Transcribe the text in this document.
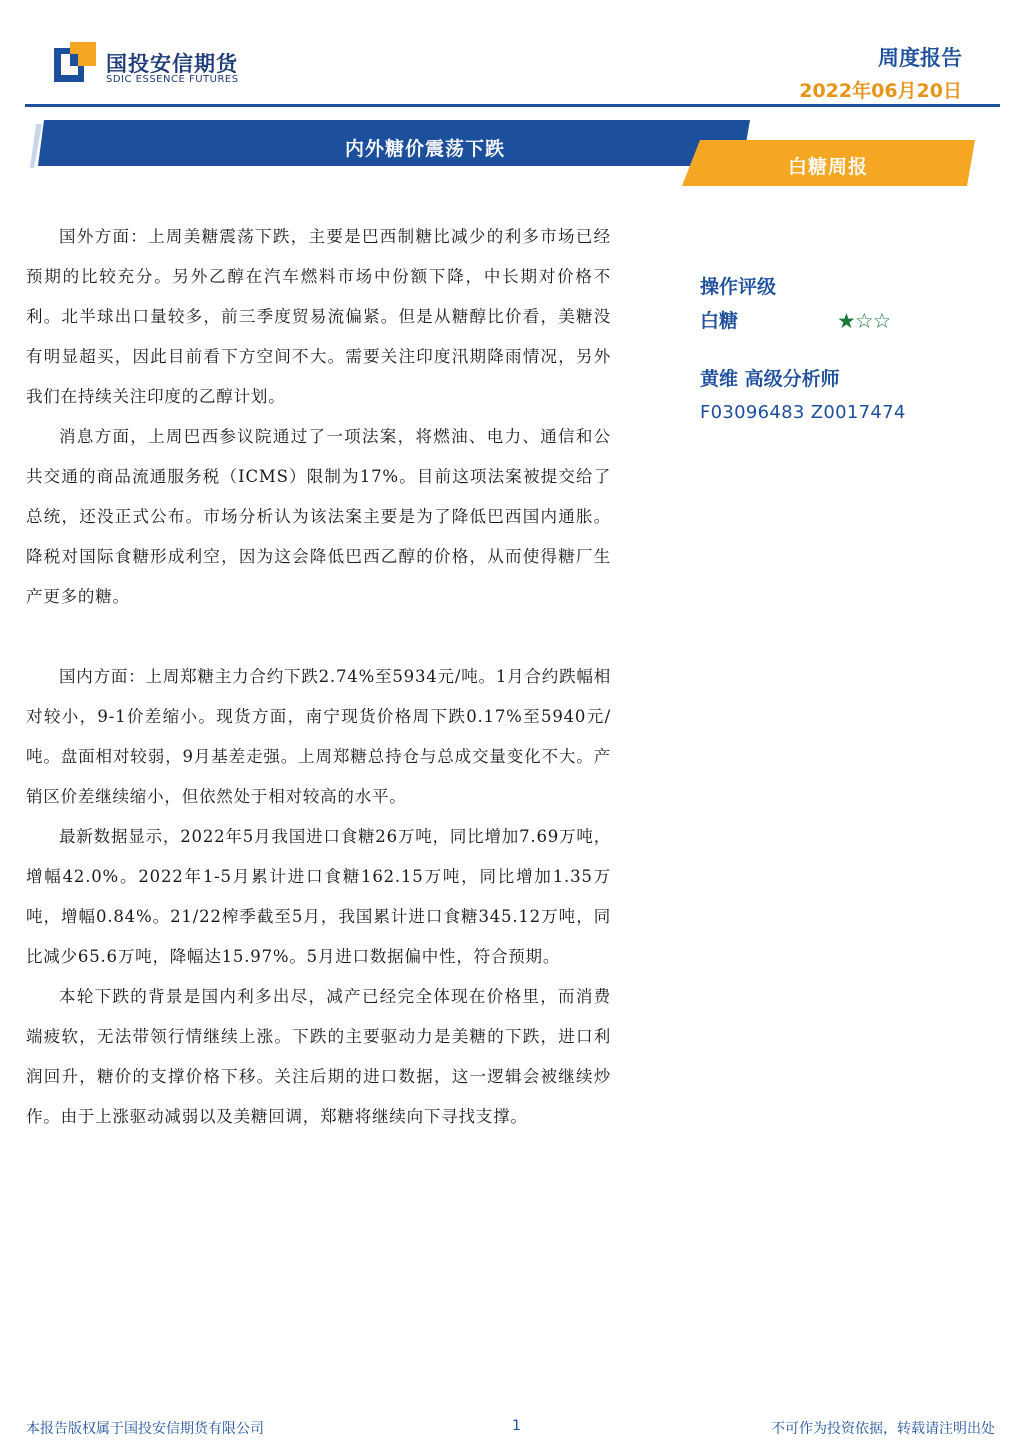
国投安信期货
SDIC ESSENCE FUTURES
周度报告
2022年06月20日
内外糖价震荡下跌
白糖周报

国外方面：上周美糖震荡下跌，主要是巴西制糖比减少的利多市场已经预期的比较充分。另外乙醇在汽车燃料市场中份额下降，中长期对价格不利。北半球出口量较多，前三季度贸易流偏紧。但是从糖醇比价看，美糖没有明显超买，因此目前看下方空间不大。需要关注印度汛期降雨情况，另外我们在持续关注印度的乙醇计划。

消息方面，上周巴西参议院通过了一项法案，将燃油、电力、通信和公共交通的商品流通服务税（ICMS）限制为17%。目前这项法案被提交给了总统，还没正式公布。市场分析认为该法案主要是为了降低巴西国内通胀。降税对国际食糖形成利空，因为这会降低巴西乙醇的价格，从而使得糖厂生产更多的糖。

国内方面：上周郑糖主力合约下跌2.74%至5934元/吨。1月合约跌幅相对较小，9-1价差缩小。现货方面，南宁现货价格周下跌0.17%至5940元/吨。盘面相对较弱，9月基差走强。上周郑糖总持仓与总成交量变化不大。产销区价差继续缩小，但依然处于相对较高的水平。

最新数据显示，2022年5月我国进口食糖26万吨，同比增加7.69万吨，增幅42.0%。2022年1-5月累计进口食糖162.15万吨，同比增加1.35万吨，增幅0.84%。21/22榨季截至5月，我国累计进口食糖345.12万吨，同比减少65.6万吨，降幅达15.97%。5月进口数据偏中性，符合预期。

本轮下跌的背景是国内利多出尽，减产已经完全体现在价格里，而消费端疲软，无法带领行情继续上涨。下跌的主要驱动力是美糖的下跌，进口利润回升，糖价的支撑价格下移。关注后期的进口数据，这一逻辑会被继续炒作。由于上涨驱动减弱以及美糖回调，郑糖将继续向下寻找支撑。

操作评级
白糖	★☆☆
黄维 高级分析师
F03096483 Z0017474
本报告版权属于国投安信期货有限公司	1	不可作为投资依据，转载请注明出处
